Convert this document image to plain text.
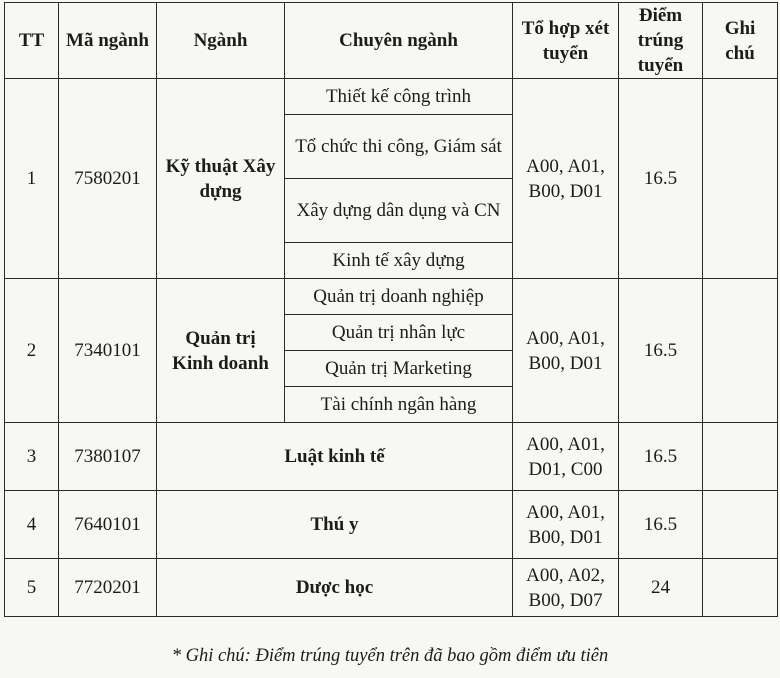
TT	Mã ngành	Ngành	Chuyên ngành	Tổ hợp xét tuyển	Điểm trúng tuyển	Ghi chú
1	7580201	Kỹ thuật Xây dựng	Thiết kế công trình	A00, A01, B00, D01	16.5	
			Tổ chức thi công, Giám sát			
			Xây dựng dân dụng và CN			
			Kinh tế xây dựng			
2	7340101	Quản trị Kinh doanh	Quản trị doanh nghiệp	A00, A01, B00, D01	16.5	
			Quản trị nhân lực			
			Quản trị Marketing			
			Tài chính ngân hàng			
3	7380107	Luật kinh tế		A00, A01, D01, C00	16.5	
4	7640101	Thú y		A00, A01, B00, D01	16.5	
5	7720201	Dược học		A00, A02, B00, D07	24	
* Ghi chú: Điểm trúng tuyển trên đã bao gồm điểm ưu tiên
